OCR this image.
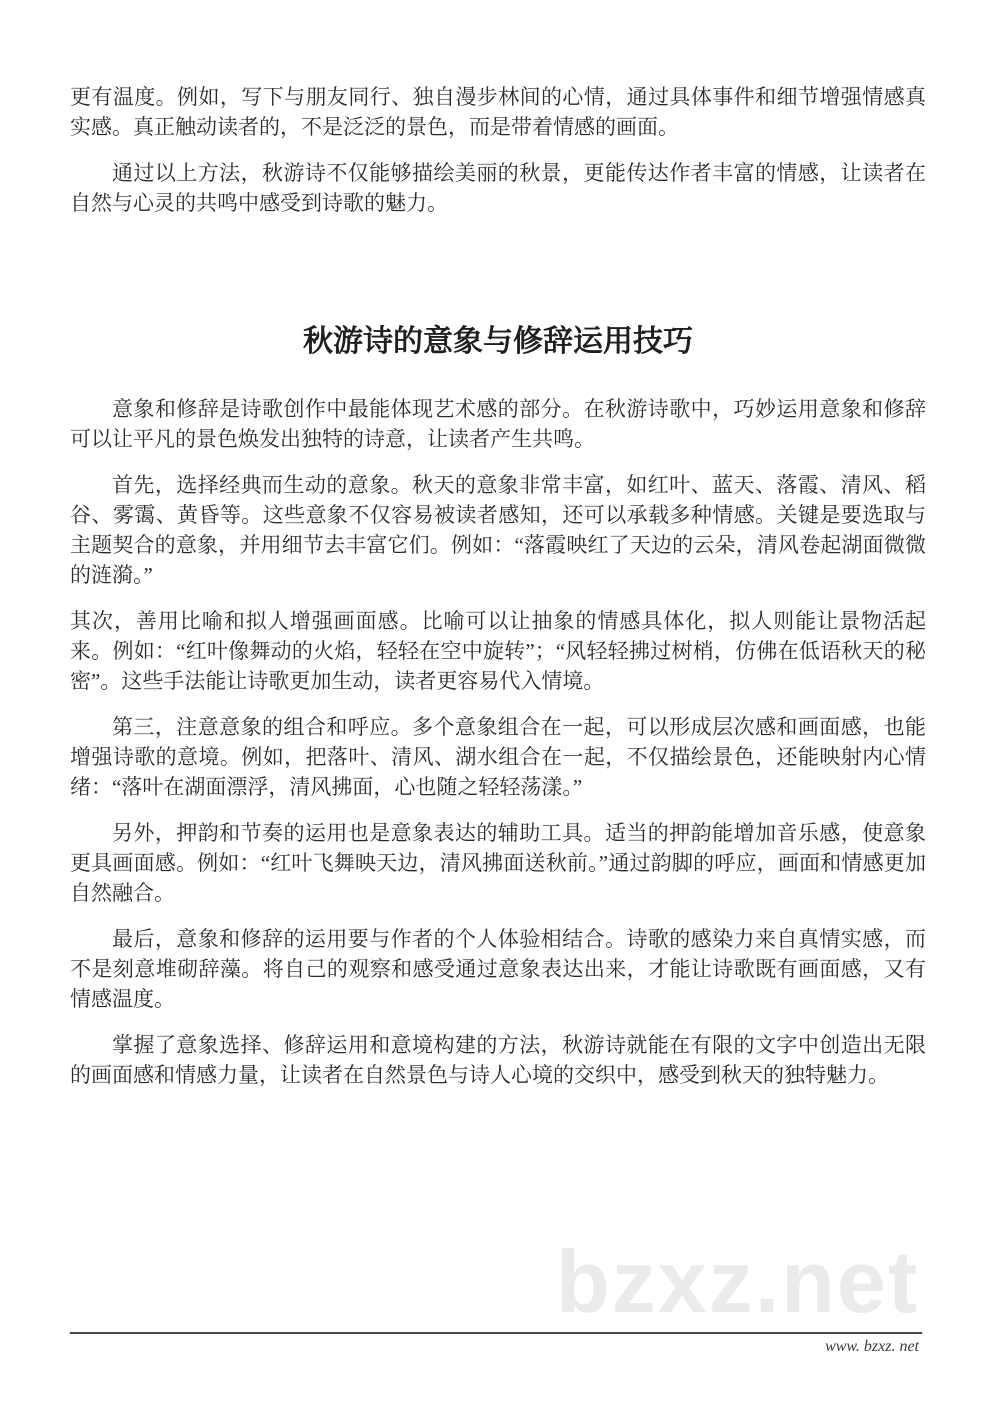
更有温度。例如，写下与朋友同行、独自漫步林间的心情，通过具体事件和细节增强情感真实感。真正触动读者的，不是泛泛的景色，而是带着情感的画面。

通过以上方法，秋游诗不仅能够描绘美丽的秋景，更能传达作者丰富的情感，让读者在自然与心灵的共鸣中感受到诗歌的魅力。

秋游诗的意象与修辞运用技巧

意象和修辞是诗歌创作中最能体现艺术感的部分。在秋游诗歌中，巧妙运用意象和修辞可以让平凡的景色焕发出独特的诗意，让读者产生共鸣。

首先，选择经典而生动的意象。秋天的意象非常丰富，如红叶、蓝天、落霞、清风、稻谷、雾霭、黄昏等。这些意象不仅容易被读者感知，还可以承载多种情感。关键是要选取与主题契合的意象，并用细节去丰富它们。例如：“落霞映红了天边的云朵，清风卷起湖面微微的涟漪。”

其次，善用比喻和拟人增强画面感。比喻可以让抽象的情感具体化，拟人则能让景物活起来。例如：“红叶像舞动的火焰，轻轻在空中旋转”；“风轻轻拂过树梢，仿佛在低语秋天的秘密”。这些手法能让诗歌更加生动，读者更容易代入情境。

第三，注意意象的组合和呼应。多个意象组合在一起，可以形成层次感和画面感，也能增强诗歌的意境。例如，把落叶、清风、湖水组合在一起，不仅描绘景色，还能映射内心情绪：“落叶在湖面漂浮，清风拂面，心也随之轻轻荡漾。”

另外，押韵和节奏的运用也是意象表达的辅助工具。适当的押韵能增加音乐感，使意象更具画面感。例如：“红叶飞舞映天边，清风拂面送秋前。”通过韵脚的呼应，画面和情感更加自然融合。

最后，意象和修辞的运用要与作者的个人体验相结合。诗歌的感染力来自真情实感，而不是刻意堆砌辞藻。将自己的观察和感受通过意象表达出来，才能让诗歌既有画面感，又有情感温度。

掌握了意象选择、修辞运用和意境构建的方法，秋游诗就能在有限的文字中创造出无限的画面感和情感力量，让读者在自然景色与诗人心境的交织中，感受到秋天的独特魅力。

bzxz.net
www. bzxz. net
